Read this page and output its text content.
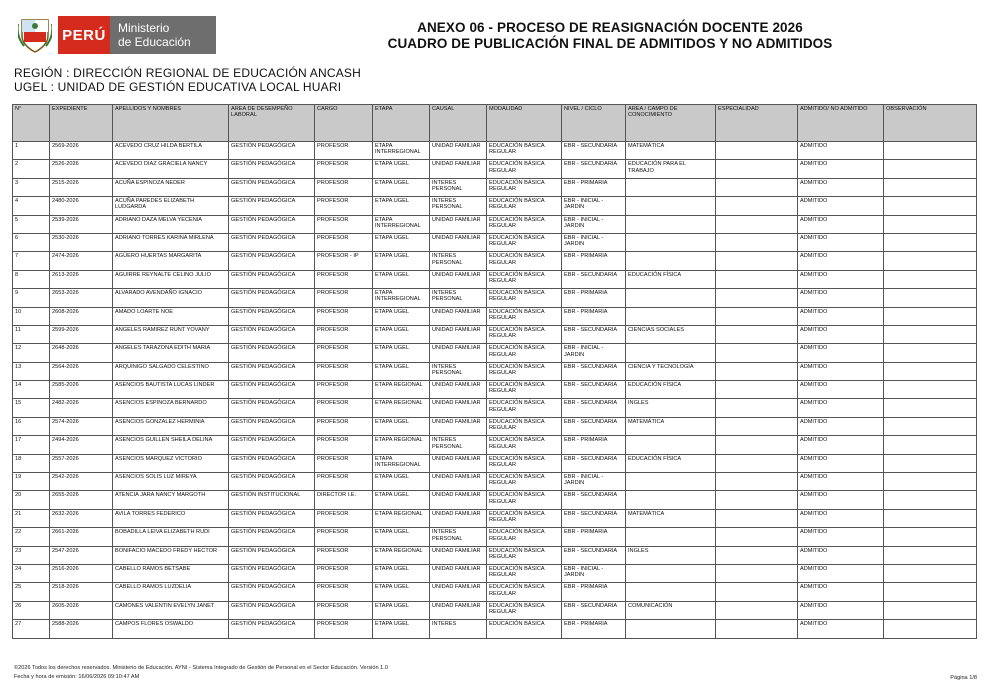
PERÚ	Ministerio
de Educación
ANEXO 06 - PROCESO DE REASIGNACIÓN DOCENTE 2026
CUADRO DE PUBLICACIÓN FINAL DE ADMITIDOS Y NO ADMITIDOS
REGIÓN : DIRECCIÓN REGIONAL DE EDUCACIÓN ANCASH
UGEL : UNIDAD DE GESTIÓN EDUCATIVA LOCAL HUARI
N°	EXPEDIENTE	APELLIDOS Y NOMBRES	AREA DE DESEMPEÑO LABORAL	CARGO	ETAPA	CAUSAL	MODALIDAD	NIVEL / CICLO	AREA / CAMPO DE CONOCIMIENTO	ESPECIALIDAD	ADMITIDO/ NO ADMITIDO	OBSERVACIÓN
1	2569-2026	ACEVEDO CRUZ HILDA BERTILA	GESTIÓN PEDAGÓGICA	PROFESOR	ETAPA INTERREGIONAL	UNIDAD FAMILIAR	EDUCACIÓN BÁSICA REGULAR	EBR - SECUNDARIA	MATEMÁTICA		ADMITIDO	
2	2526-2026	ACEVEDO DIAZ GRACIELA NANCY	GESTIÓN PEDAGÓGICA	PROFESOR	ETAPA UGEL	UNIDAD FAMILIAR	EDUCACIÓN BÁSICA REGULAR	EBR - SECUNDARIA	EDUCACIÓN PARA EL TRABAJO		ADMITIDO	
3	2515-2026	ACUÑA ESPINOZA NEDER	GESTIÓN PEDAGÓGICA	PROFESOR	ETAPA UGEL	INTERES PERSONAL	EDUCACIÓN BÁSICA REGULAR	EBR - PRIMARIA			ADMITIDO	
4	2480-2026	ACUÑA PAREDES ELIZABETH LUDGARDA	GESTIÓN PEDAGÓGICA	PROFESOR	ETAPA UGEL	INTERES PERSONAL	EDUCACIÓN BÁSICA REGULAR	EBR - INICIAL - JARDIN			ADMITIDO	
5	2539-2026	ADRIANO DAZA MELVA YECENIA	GESTIÓN PEDAGÓGICA	PROFESOR	ETAPA INTERREGIONAL	UNIDAD FAMILIAR	EDUCACIÓN BÁSICA REGULAR	EBR - INICIAL - JARDIN			ADMITIDO	
6	2530-2026	ADRIANO TORRES KARINA MIRLENA	GESTIÓN PEDAGÓGICA	PROFESOR	ETAPA UGEL	UNIDAD FAMILIAR	EDUCACIÓN BÁSICA REGULAR	EBR - INICIAL - JARDIN			ADMITIDO	
7	2474-2026	AGÜERO HUERTAS MARGARITA	GESTIÓN PEDAGÓGICA	PROFESOR - IP	ETAPA UGEL	INTERES PERSONAL	EDUCACIÓN BÁSICA REGULAR	EBR - PRIMARIA			ADMITIDO	
8	2613-2026	AGUIRRE REYNALTE CELINO JULIO	GESTIÓN PEDAGÓGICA	PROFESOR	ETAPA UGEL	UNIDAD FAMILIAR	EDUCACIÓN BÁSICA REGULAR	EBR - SECUNDARIA	EDUCACIÓN FÍSICA		ADMITIDO	
9	2653-2026	ALVARADO AVENDAÑO IGNACIO	GESTIÓN PEDAGÓGICA	PROFESOR	ETAPA INTERREGIONAL	INTERES PERSONAL	EDUCACIÓN BÁSICA REGULAR	EBR - PRIMARIA			ADMITIDO	
10	2608-2026	AMADO LOARTE NOE	GESTIÓN PEDAGÓGICA	PROFESOR	ETAPA UGEL	UNIDAD FAMILIAR	EDUCACIÓN BÁSICA REGULAR	EBR - PRIMARIA			ADMITIDO	
11	2599-2026	ANGELES RAMIREZ RUNT YOVANY	GESTIÓN PEDAGÓGICA	PROFESOR	ETAPA UGEL	UNIDAD FAMILIAR	EDUCACIÓN BÁSICA REGULAR	EBR - SECUNDARIA	CIENCIAS SOCIALES		ADMITIDO	
12	2648-2026	ANGELES TARAZONA EDITH MARIA	GESTIÓN PEDAGÓGICA	PROFESOR	ETAPA UGEL	UNIDAD FAMILIAR	EDUCACIÓN BÁSICA REGULAR	EBR - INICIAL - JARDIN			ADMITIDO	
13	2564-2026	ARQUINIGO SALGADO CELESTINO	GESTIÓN PEDAGÓGICA	PROFESOR	ETAPA UGEL	INTERES PERSONAL	EDUCACIÓN BÁSICA REGULAR	EBR - SECUNDARIA	CIENCIA Y TECNOLOGÍA		ADMITIDO	
14	2585-2026	ASENCIOS BAUTISTA LUCAS LINDER	GESTIÓN PEDAGÓGICA	PROFESOR	ETAPA REGIONAL	UNIDAD FAMILIAR	EDUCACIÓN BÁSICA REGULAR	EBR - SECUNDARIA	EDUCACIÓN FÍSICA		ADMITIDO	
15	2482-2026	ASENCIOS ESPINOZA BERNARDO	GESTIÓN PEDAGÓGICA	PROFESOR	ETAPA REGIONAL	UNIDAD FAMILIAR	EDUCACIÓN BÁSICA REGULAR	EBR - SECUNDARIA	INGLES		ADMITIDO	
16	2574-2026	ASENCIOS GONZALEZ HERMINIA	GESTIÓN PEDAGÓGICA	PROFESOR	ETAPA UGEL	UNIDAD FAMILIAR	EDUCACIÓN BÁSICA REGULAR	EBR - SECUNDARIA	MATEMÁTICA		ADMITIDO	
17	2494-2026	ASENCIOS GUILLEN SHEILA DELINA	GESTIÓN PEDAGÓGICA	PROFESOR	ETAPA REGIONAL	INTERES PERSONAL	EDUCACIÓN BÁSICA REGULAR	EBR - PRIMARIA			ADMITIDO	
18	2557-2026	ASENCIOS MARQUEZ VICTORIO	GESTIÓN PEDAGÓGICA	PROFESOR	ETAPA INTERREGIONAL	UNIDAD FAMILIAR	EDUCACIÓN BÁSICA REGULAR	EBR - SECUNDARIA	EDUCACIÓN FÍSICA		ADMITIDO	
19	2542-2026	ASENCIOS SOLIS LUZ MIREYA	GESTIÓN PEDAGÓGICA	PROFESOR	ETAPA UGEL	UNIDAD FAMILIAR	EDUCACIÓN BÁSICA REGULAR	EBR - INICIAL - JARDIN			ADMITIDO	
20	2655-2026	ATENCIA JARA NANCY MARGOTH	GESTIÓN INSTITUCIONAL	DIRECTOR I.E.	ETAPA UGEL	UNIDAD FAMILIAR	EDUCACIÓN BÁSICA REGULAR	EBR - SECUNDARIA			ADMITIDO	
21	2632-2026	AVILA TORRES FEDERICO	GESTIÓN PEDAGÓGICA	PROFESOR	ETAPA REGIONAL	UNIDAD FAMILIAR	EDUCACIÓN BÁSICA REGULAR	EBR - SECUNDARIA	MATEMÁTICA		ADMITIDO	
22	2661-2026	BOBADILLA LEIVA ELIZABETH RUDI	GESTIÓN PEDAGÓGICA	PROFESOR	ETAPA UGEL	INTERES PERSONAL	EDUCACIÓN BÁSICA REGULAR	EBR - PRIMARIA			ADMITIDO	
23	2547-2026	BONIFACIO MACEDO FREDY HECTOR	GESTIÓN PEDAGÓGICA	PROFESOR	ETAPA REGIONAL	UNIDAD FAMILIAR	EDUCACIÓN BÁSICA REGULAR	EBR - SECUNDARIA	INGLES		ADMITIDO	
24	2516-2026	CABELLO RAMOS BETSABE	GESTIÓN PEDAGÓGICA	PROFESOR	ETAPA UGEL	UNIDAD FAMILIAR	EDUCACIÓN BÁSICA REGULAR	EBR - INICIAL - JARDIN			ADMITIDO	
25	2518-2026	CABELLO RAMOS LUZDELIA	GESTIÓN PEDAGÓGICA	PROFESOR	ETAPA UGEL	UNIDAD FAMILIAR	EDUCACIÓN BÁSICA REGULAR	EBR - PRIMARIA			ADMITIDO	
26	2605-2026	CAMONES VALENTIN EVELYN JANET	GESTIÓN PEDAGÓGICA	PROFESOR	ETAPA UGEL	UNIDAD FAMILIAR	EDUCACIÓN BÁSICA REGULAR	EBR - SECUNDARIA	COMUNICACIÓN		ADMITIDO	
27	2588-2026	CAMPOS FLORES OSWALDO	GESTIÓN PEDAGÓGICA	PROFESOR	ETAPA UGEL	INTERES	EDUCACIÓN BÁSICA	EBR - PRIMARIA			ADMITIDO	
©2026 Todos los derechos reservados. Ministerio de Educación. AYNI - Sistema Integrado de Gestión de Personal en el Sector Educación. Versión 1.0
Fecha y hora de emisión: 16/06/2026 09:10:47 AM	Página 1/8
